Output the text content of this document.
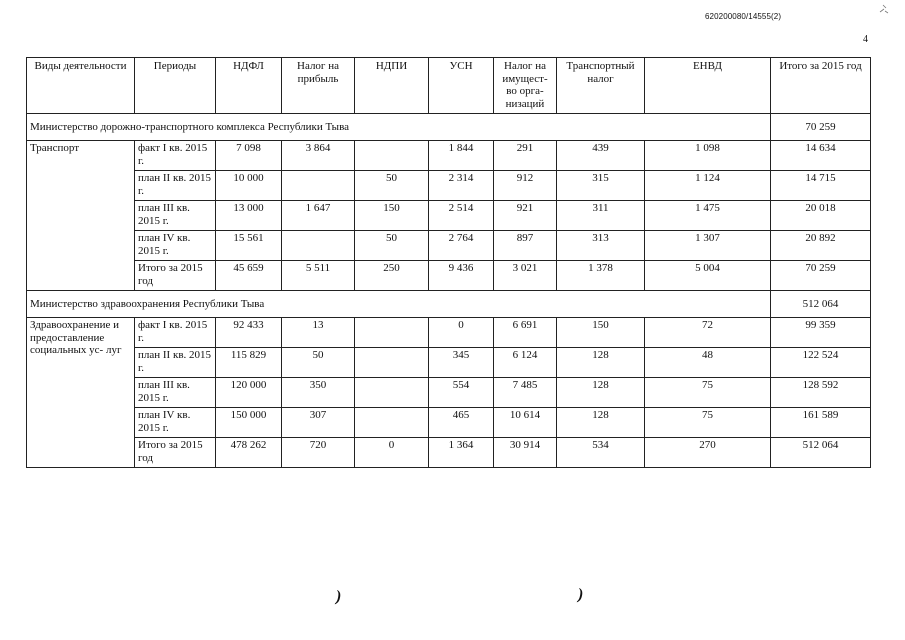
620200080/14555(2)
4
Виды деятельности	Периоды	НДФЛ	Налог на прибыль	НДПИ	УСН	Налог на имущест- во орга- низаций	Транспортный налог	ЕНВД	Итого за 2015 год
Министерство дорожно-транспортного комплекса Республики Тыва									70 259
Транспорт	факт I кв. 2015 г.	7 098	3 864		1 844	291	439	1 098	14 634
	план II кв. 2015 г.	10 000		50	2 314	912	315	1 124	14 715
	план III кв. 2015 г.	13 000	1 647	150	2 514	921	311	1 475	20 018
	план IV кв. 2015 г.	15 561		50	2 764	897	313	1 307	20 892
	Итого за 2015 год	45 659	5 511	250	9 436	3 021	1 378	5 004	70 259
Министерство здравоохранения Республики Тыва									512 064
Здравоохранение и предоставление социальных ус- луг	факт I кв. 2015 г.	92 433	13		0	6 691	150	72	99 359
	план II кв. 2015 г.	115 829	50		345	6 124	128	48	122 524
	план III кв. 2015 г.	120 000	350		554	7 485	128	75	128 592
	план IV кв. 2015 г.	150 000	307		465	10 614	128	75	161 589
	Итого за 2015 год	478 262	720	0	1 364	30 914	534	270	512 064
)	)
